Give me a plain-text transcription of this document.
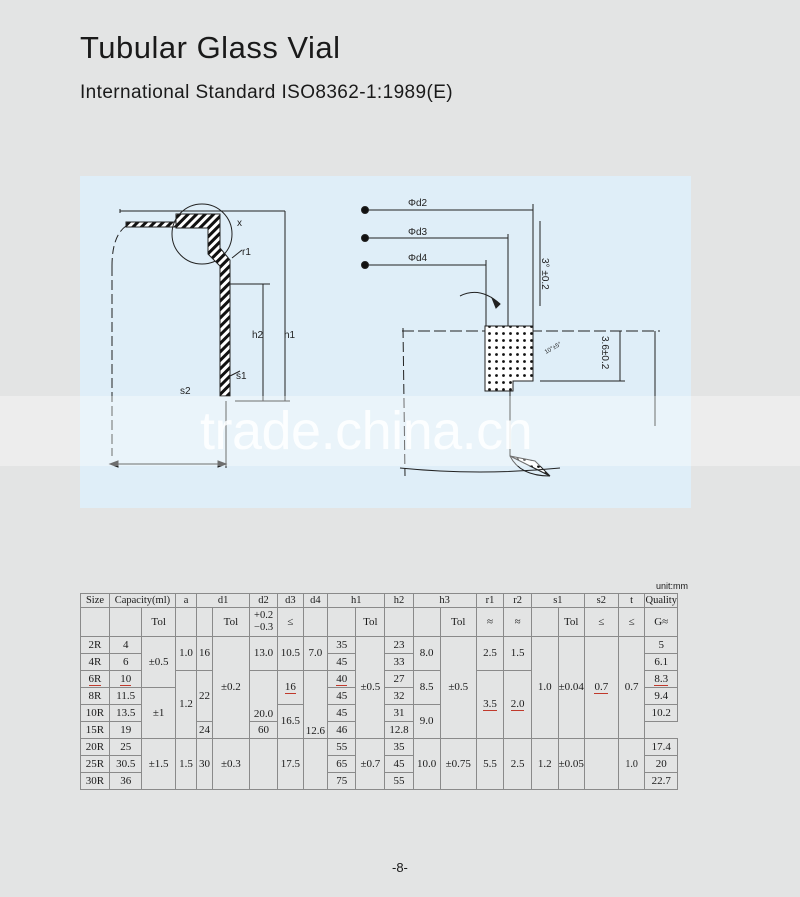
Tubular Glass Vial
International Standard ISO8362-1:1989(E)
x
r1
h2 h1
s1
s2
Φd2
Φd3
Φd4	3° ±0.2
3.6±0.2
10°±5°
trade.china.cn
unit:mm
Size	Capacity(ml)		a	d1		d2	d3	d4	h1		h2	h3		r1	r2	s1		s2	t	Quality
		Tol			Tol	+0.2 −0.3	≤			Tol			Tol	≈	≈		Tol	≤	≤	G≈
2R	4	±0.5	1.0	16	±0.2	13.0	10.5	7.0	35	±0.5	23	8.0	±0.5	2.5	1.5	1.0	±0.04	0.7	0.7	5
4R	6								45		33									6.1
6R	10		1.2	22		20.0	16	12.6	40		27	8.5		3.5	2.0					8.3
8R	11.5	±1							45		32									9.4
10R	13.5						16.5		45		31	9.0								10.2
15R	19			24		60			46		12.8									
20R	25	±1.5	1.5	30	±0.3		17.5		55	±0.7	35	10.0	±0.75	5.5	2.5	1.2	±0.05		1.0	17.4
25R	30.5								65		45									20
30R	36								75		55									22.7
-8-
